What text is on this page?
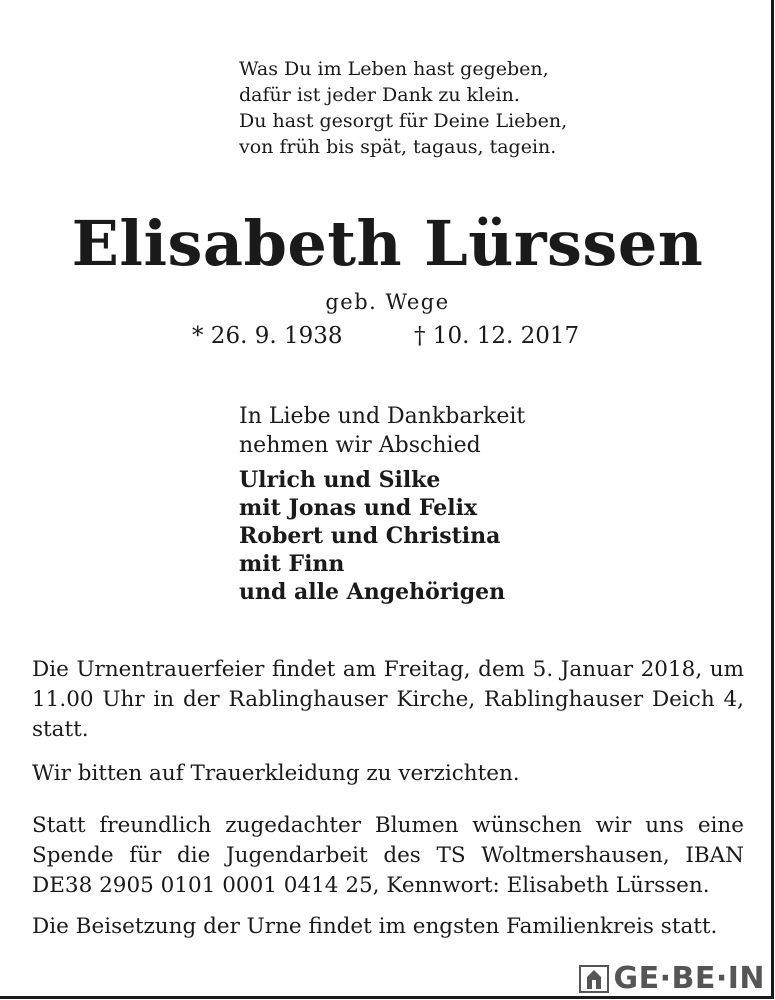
Was Du im Leben hast gegeben,
dafür ist jeder Dank zu klein.
Du hast gesorgt für Deine Lieben,
von früh bis spät, tagaus, tagein.
Elisabeth Lürssen
geb. Wege
* 26. 9. 1938	† 10. 12. 2017
In Liebe und Dankbarkeit
nehmen wir Abschied
Ulrich und Silke
mit Jonas und Felix
Robert und Christina
mit Finn
und alle Angehörigen
Die Urnentrauerfeier findet am Freitag, dem 5. Januar 2018, um 11.00 Uhr in der Rablinghauser Kirche, Rablinghauser Deich 4, statt.
Wir bitten auf Trauerkleidung zu verzichten.
Statt freundlich zugedachter Blumen wünschen wir uns eine Spende für die Jugendarbeit des TS Woltmershausen, IBAN DE38 2905 0101 0001 0414 25, Kennwort: Elisabeth Lürssen.
Die Beisetzung der Urne findet im engsten Familienkreis statt.
GE·BE·IN
